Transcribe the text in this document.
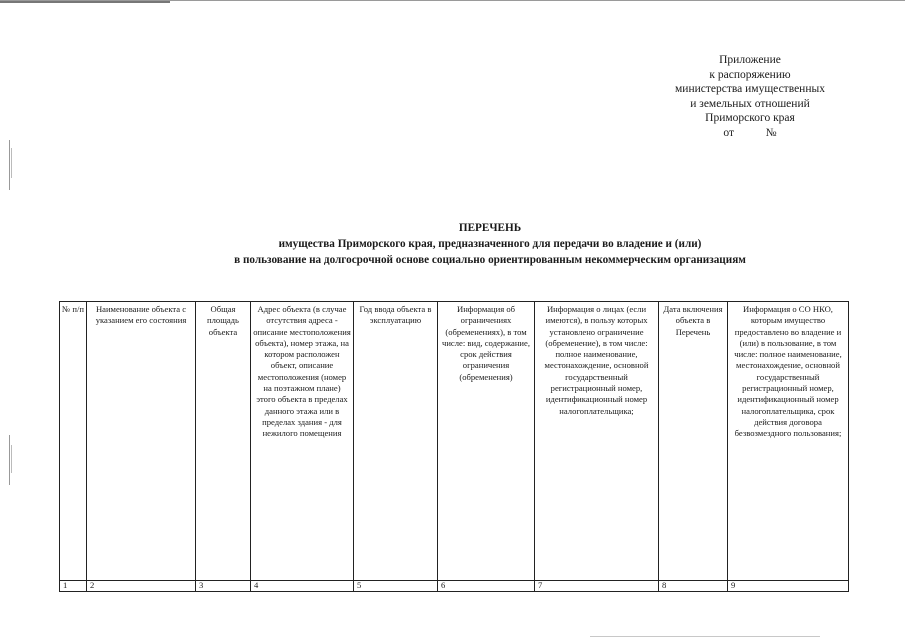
Приложение
к распоряжению
министерства имущественных
и земельных отношений
Приморского края
от           №
ПЕРЕЧЕНЬ
имущества Приморского края, предназначенного для передачи во владение и (или)
в пользование на долгосрочной основе социально ориентированным некоммерческим организациям
№ п/п
1
Наименование объекта с указанием его состояния
2
Общая площадь объекта
3
Адрес объекта (в случае отсутствия адреса - описание местоположения объекта), номер этажа, на котором расположен объект, описание местоположения (номер на поэтажном плане) этого объекта в пределах данного этажа или в пределах здания - для нежилого помещения
4
Год ввода объекта в эксплуатацию
5
Информация об ограничениях (обременениях), в том числе: вид, содержание, срок действия ограничения (обременения)
6
Информация о лицах (если имеются), в пользу которых установлено ограничение (обременение), в том числе: полное наименование, местонахождение, основной государственный регистрационный номер, идентификационный номер налогоплательщика;
7
Дата включения объекта в Перечень
8
Информация о СО НКО, которым имущество предоставлено во владение и (или) в пользование, в том числе: полное наименование, местонахождение, основной государственный регистрационный номер, идентификационный номер налогоплательщика, срок действия договора безвозмездного пользования;
9
